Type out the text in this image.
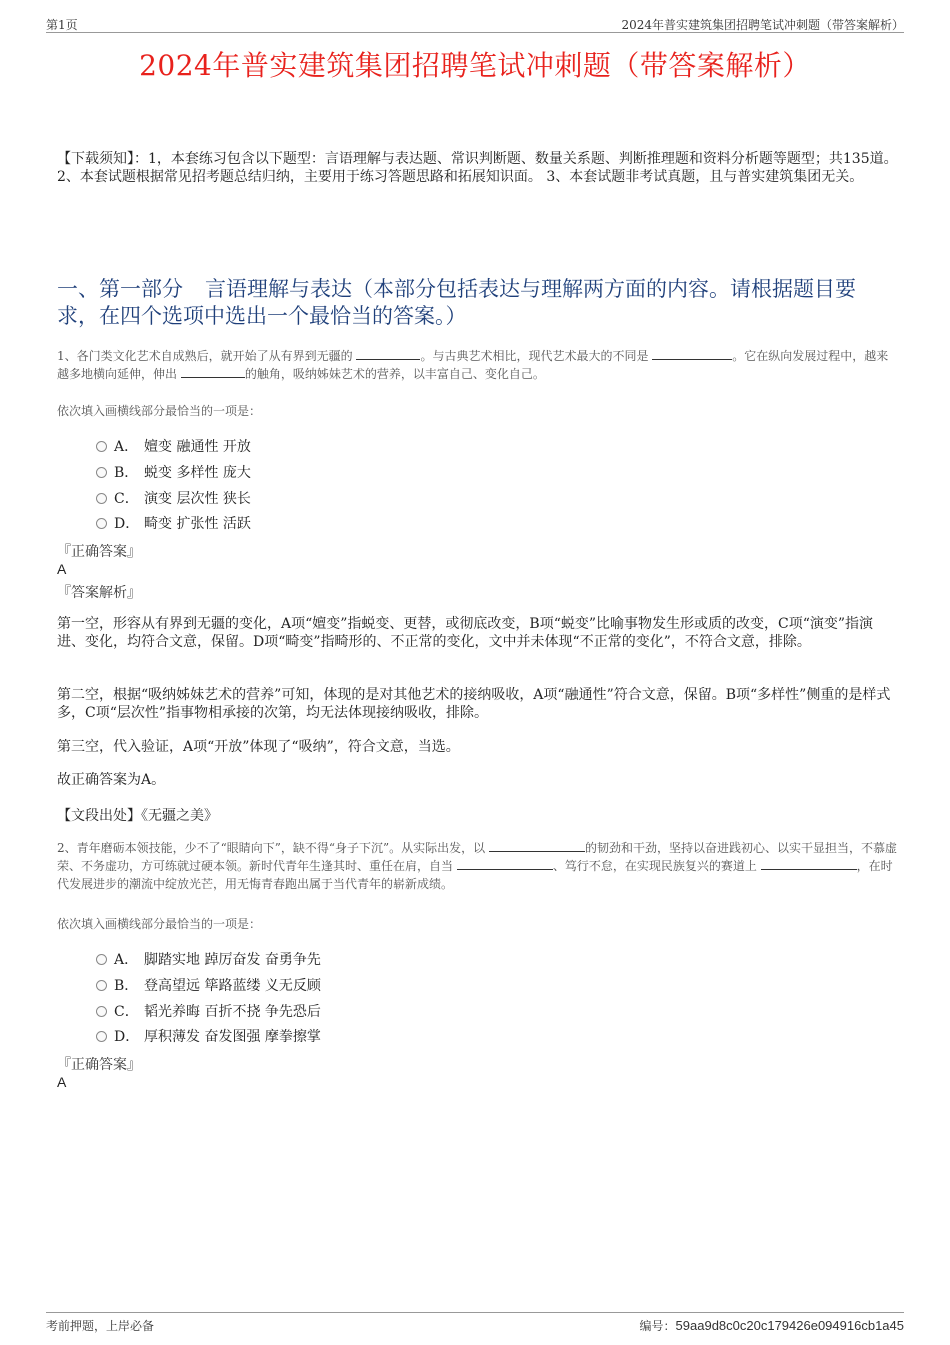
第1页	2024年普实建筑集团招聘笔试冲刺题（带答案解析）
2024年普实建筑集团招聘笔试冲刺题（带答案解析）
【下载须知】：1，本套练习包含以下题型：言语理解与表达题、常识判断题、数量关系题、判断推理题和资料分析题等题型；共135道。 2、本套试题根据常见招考题总结归纳，主要用于练习答题思路和拓展知识面。 3、本套试题非考试真题，且与普实建筑集团无关。
一、第一部分 言语理解与表达（本部分包括表达与理解两方面的内容。请根据题目要求，在四个选项中选出一个最恰当的答案。）
1、各门类文化艺术自成熟后，就开始了从有界到无疆的	。与古典艺术相比，现代艺术最大的不同是	。它在纵向发展过程中，越来越多地横向延伸，伸出	的触角，吸纳姊妹艺术的营养，以丰富自己、变化自己。
依次填入画横线部分最恰当的一项是：
A． 嬗变 融通性 开放
B． 蜕变 多样性 庞大
C． 演变 层次性 狭长
D． 畸变 扩张性 活跃
『正确答案』
A
『答案解析』
第一空，形容从有界到无疆的变化，A项“嬗变”指蜕变、更替，或彻底改变，B项“蜕变”比喻事物发生形或质的改变，C项“演变”指演进、变化，均符合文意，保留。D项“畸变”指畸形的、不正常的变化，文中并未体现“不正常的变化”，不符合文意，排除。
第二空，根据“吸纳姊妹艺术的营养”可知，体现的是对其他艺术的接纳吸收，A项“融通性”符合文意，保留。B项“多样性”侧重的是样式多，C项“层次性”指事物相承接的次第，均无法体现接纳吸收，排除。
第三空，代入验证，A项“开放”体现了“吸纳”，符合文意，当选。
故正确答案为A。
【文段出处】《无疆之美》
2、青年磨砺本领技能，少不了“眼睛向下”，缺不得“身子下沉”。从实际出发，以	的韧劲和干劲，坚持以奋进践初心、以实干显担当，不慕虚荣、不务虚功，方可练就过硬本领。新时代青年生逢其时、重任在肩，自当	、笃行不怠，在实现民族复兴的赛道上	，在时代发展进步的潮流中绽放光芒，用无悔青春跑出属于当代青年的崭新成绩。
依次填入画横线部分最恰当的一项是：
A． 脚踏实地 踔厉奋发 奋勇争先
B． 登高望远 筚路蓝缕 义无反顾
C． 韬光养晦 百折不挠 争先恐后
D． 厚积薄发 奋发图强 摩拳擦掌
『正确答案』
A
考前押题，上岸必备	编号：59aa9d8c0c20c179426e094916cb1a45
